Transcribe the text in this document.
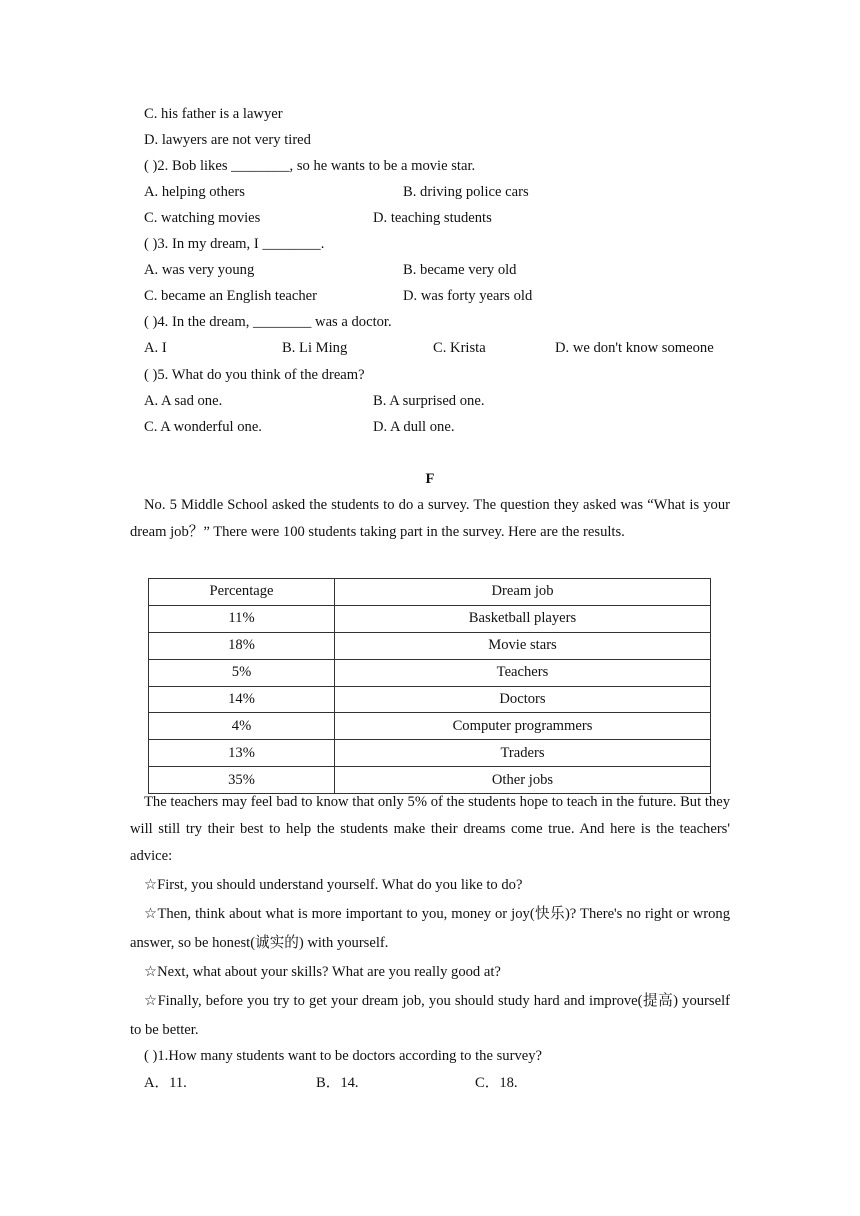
C. his father is a lawyer
D. lawyers are not very tired
( )2. Bob likes ________, so he wants to be a movie star.
A. helping others	B. driving police cars
C. watching movies	D. teaching students
( )3. In my dream, I ________.
A. was very young	B. became very old
C. became an English teacher	D. was forty years old
( )4. In the dream, ________ was a doctor.
A. I	B. Li Ming	C. Krista	D. we don't know someone
( )5. What do you think of the dream?
A. A sad one.	B. A surprised one.
C. A wonderful one.	D. A dull one.
F
No. 5 Middle School asked the students to do a survey. The question they asked was “What is your dream job？” There were 100 students taking part in the survey. Here are the results.
Percentage	Dream job
11%	Basketball players
18%	Movie stars
5%	Teachers
14%	Doctors
4%	Computer programmers
13%	Traders
35%	Other jobs
The teachers may feel bad to know that only 5% of the students hope to teach in the future. But they will still try their best to help the students make their dreams come true. And here is the teachers' advice:
☆First, you should understand yourself. What do you like to do?
☆Then, think about what is more important to you, money or joy(快乐)? There's no right or wrong answer, so be honest(诚实的) with yourself.
☆Next, what about your skills? What are you really good at?
☆Finally, before you try to get your dream job, you should study hard and improve(提高) yourself to be better.
( )1.How many students want to be doctors according to the survey?
A．11.	B．14.	C．18.
